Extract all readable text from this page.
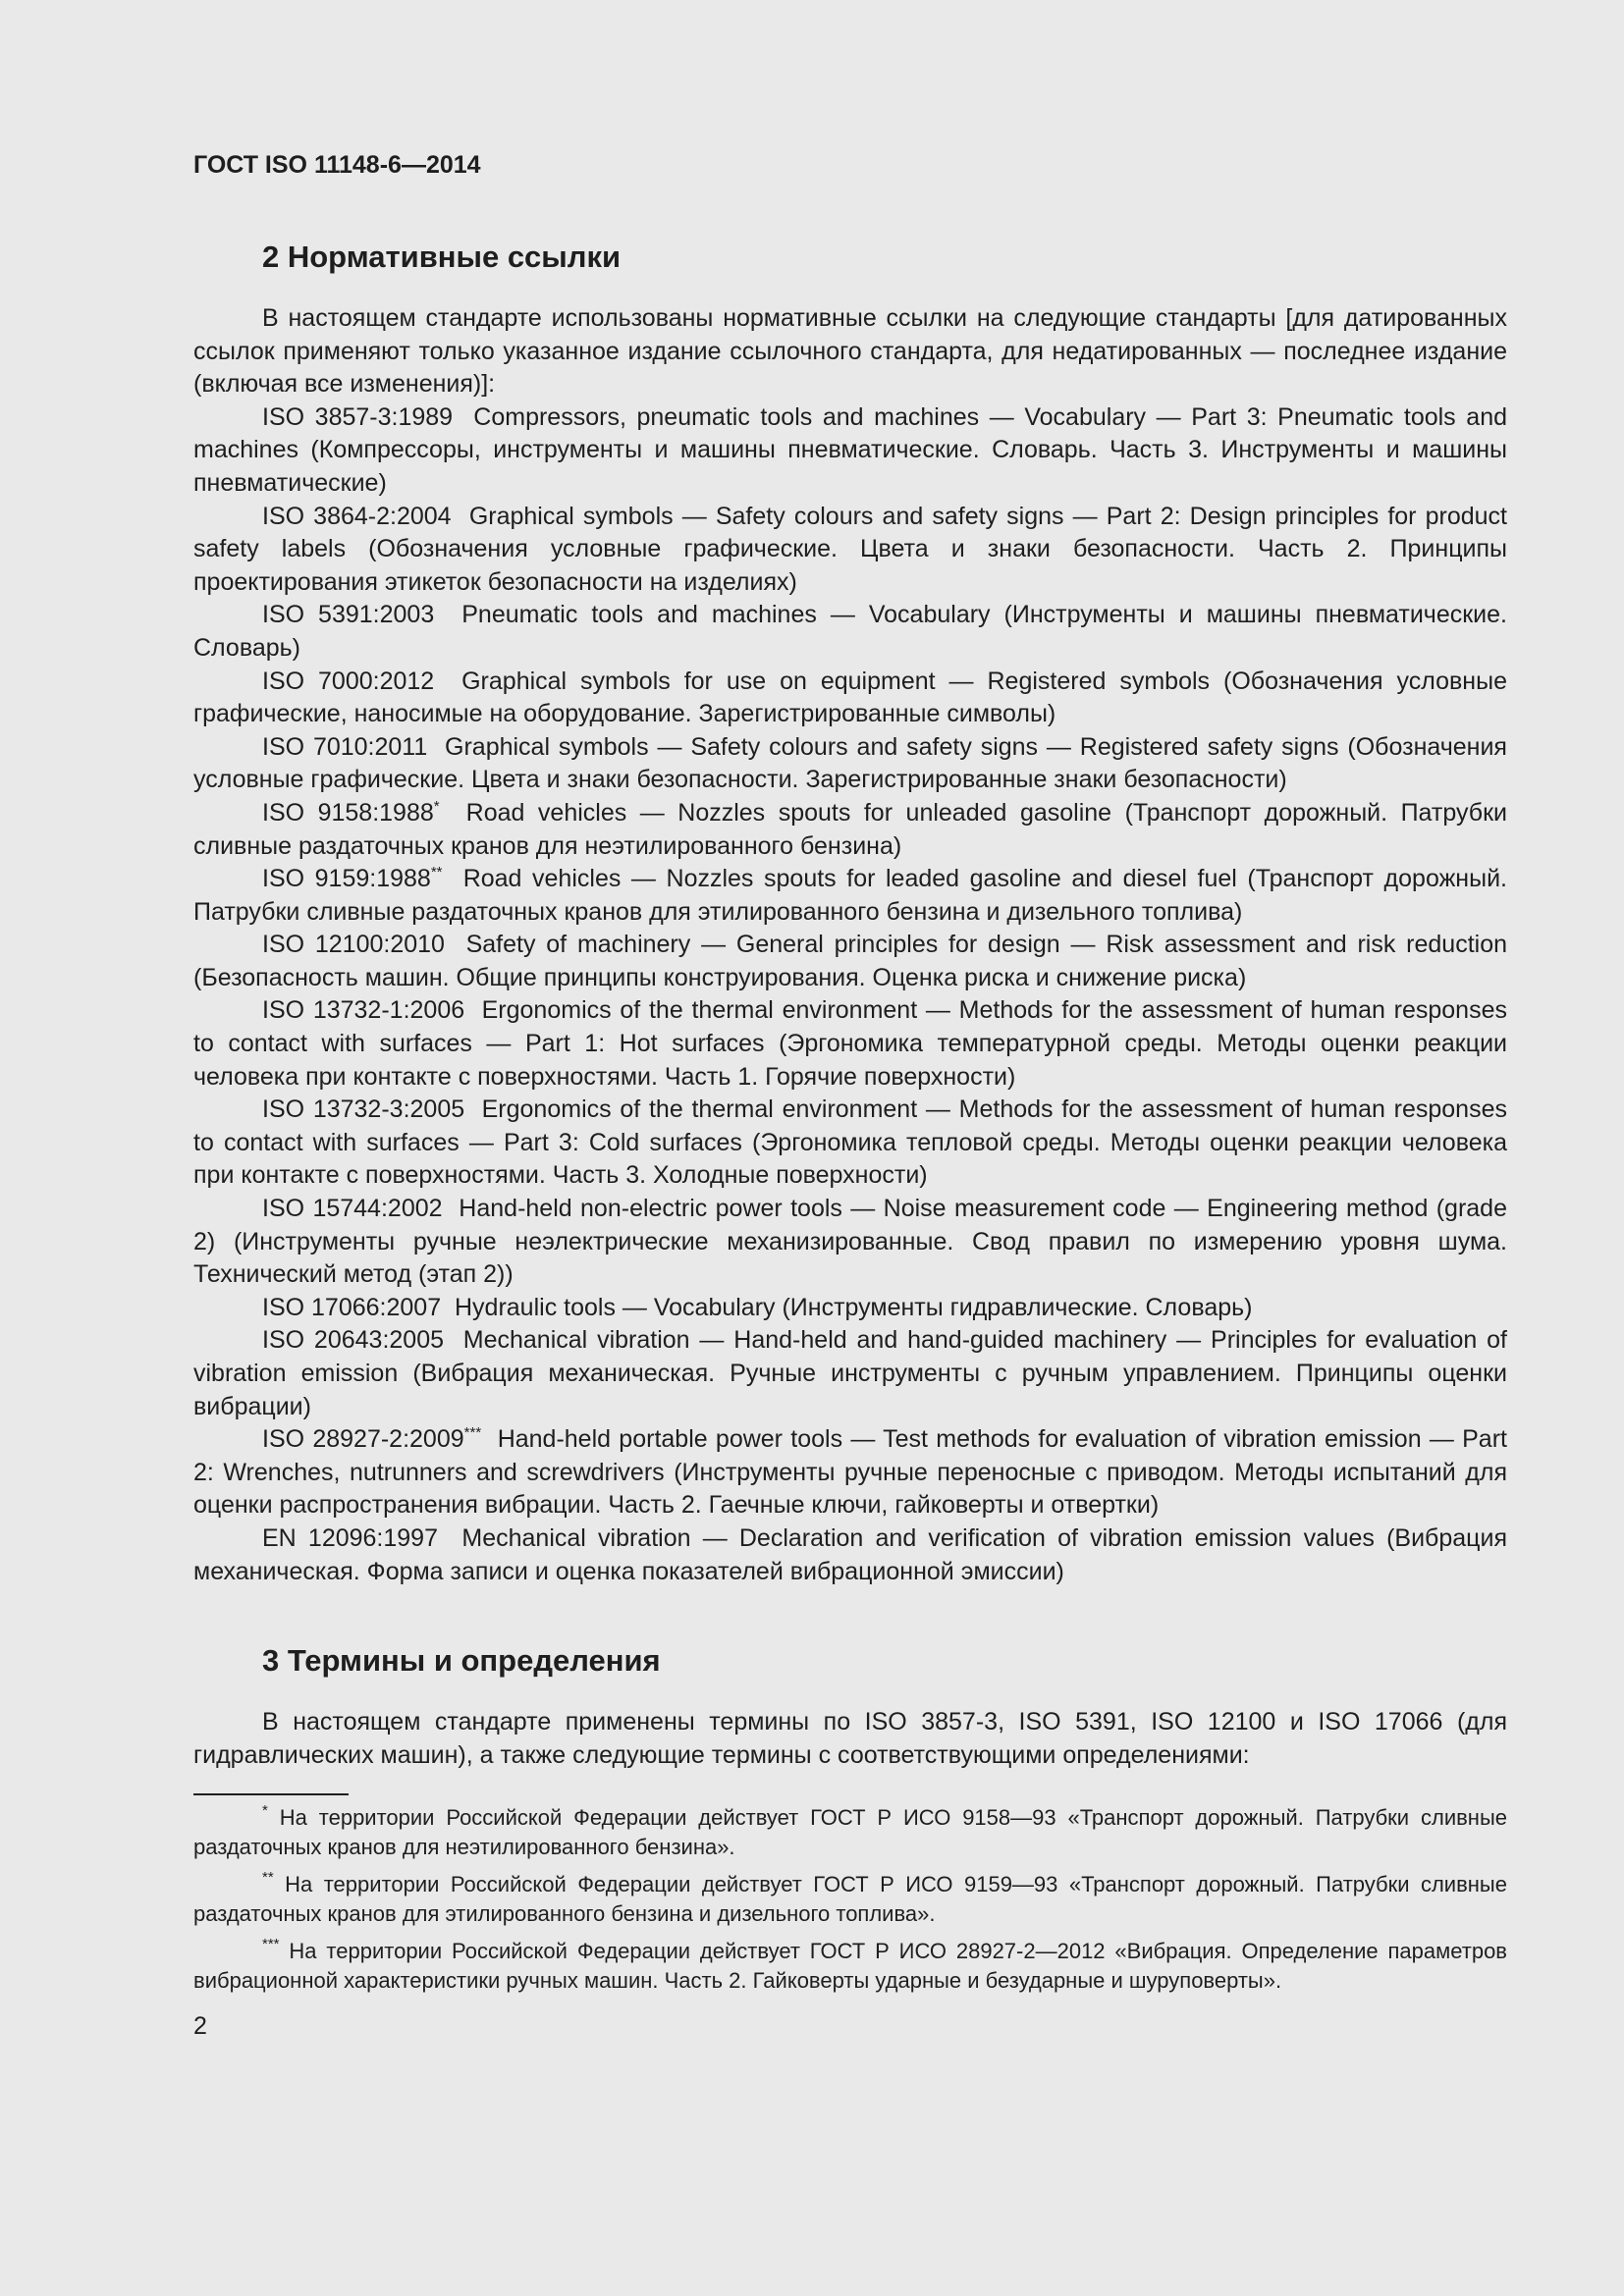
ГОСТ ISO 11148-6—2014
2 Нормативные ссылки

В настоящем стандарте использованы нормативные ссылки на следующие стандарты [для датированных ссылок применяют только указанное издание ссылочного стандарта, для недатированных — последнее издание (включая все изменения)]:

ISO 3857-3:1989 Compressors, pneumatic tools and machines — Vocabulary — Part 3: Pneumatic tools and machines (Компрессоры, инструменты и машины пневматические. Словарь. Часть 3. Инструменты и машины пневматические)

ISO 3864-2:2004 Graphical symbols — Safety colours and safety signs — Part 2: Design principles for product safety labels (Обозначения условные графические. Цвета и знаки безопасности. Часть 2. Принципы проектирования этикеток безопасности на изделиях)

ISO 5391:2003 Pneumatic tools and machines — Vocabulary (Инструменты и машины пневматические. Словарь)

ISO 7000:2012 Graphical symbols for use on equipment — Registered symbols (Обозначения условные графические, наносимые на оборудование. Зарегистрированные символы)

ISO 7010:2011 Graphical symbols — Safety colours and safety signs — Registered safety signs (Обозначения условные графические. Цвета и знаки безопасности. Зарегистрированные знаки безопасности)

ISO 9158:1988* Road vehicles — Nozzles spouts for unleaded gasoline (Транспорт дорожный. Патрубки сливные раздаточных кранов для неэтилированного бензина)

ISO 9159:1988** Road vehicles — Nozzles spouts for leaded gasoline and diesel fuel (Транспорт дорожный. Патрубки сливные раздаточных кранов для этилированного бензина и дизельного топлива)

ISO 12100:2010 Safety of machinery — General principles for design — Risk assessment and risk reduction (Безопасность машин. Общие принципы конструирования. Оценка риска и снижение риска)

ISO 13732-1:2006 Ergonomics of the thermal environment — Methods for the assessment of human responses to contact with surfaces — Part 1: Hot surfaces (Эргономика температурной среды. Методы оценки реакции человека при контакте с поверхностями. Часть 1. Горячие поверхности)

ISO 13732-3:2005 Ergonomics of the thermal environment — Methods for the assessment of human responses to contact with surfaces — Part 3: Cold surfaces (Эргономика тепловой среды. Методы оценки реакции человека при контакте с поверхностями. Часть 3. Холодные поверхности)

ISO 15744:2002 Hand-held non-electric power tools — Noise measurement code — Engineering method (grade 2) (Инструменты ручные неэлектрические механизированные. Свод правил по измерению уровня шума. Технический метод (этап 2))

ISO 17066:2007 Hydraulic tools — Vocabulary (Инструменты гидравлические. Словарь)

ISO 20643:2005 Mechanical vibration — Hand-held and hand-guided machinery — Principles for evaluation of vibration emission (Вибрация механическая. Ручные инструменты с ручным управлением. Принципы оценки вибрации)

ISO 28927-2:2009*** Hand-held portable power tools — Test methods for evaluation of vibration emission — Part 2: Wrenches, nutrunners and screwdrivers (Инструменты ручные переносные с приводом. Методы испытаний для оценки распространения вибрации. Часть 2. Гаечные ключи, гайковерты и отвертки)

EN 12096:1997 Mechanical vibration — Declaration and verification of vibration emission values (Вибрация механическая. Форма записи и оценка показателей вибрационной эмиссии)

3 Термины и определения

В настоящем стандарте применены термины по ISO 3857-3, ISO 5391, ISO 12100 и ISO 17066 (для гидравлических машин), а также следующие термины с соответствующими определениями:

* На территории Российской Федерации действует ГОСТ Р ИСО 9158—93 «Транспорт дорожный. Патрубки сливные раздаточных кранов для неэтилированного бензина».

** На территории Российской Федерации действует ГОСТ Р ИСО 9159—93 «Транспорт дорожный. Патрубки сливные раздаточных кранов для этилированного бензина и дизельного топлива».

*** На территории Российской Федерации действует ГОСТ Р ИСО 28927-2—2012 «Вибрация. Определение параметров вибрационной характеристики ручных машин. Часть 2. Гайковерты ударные и безударные и шуруповерты».

2
